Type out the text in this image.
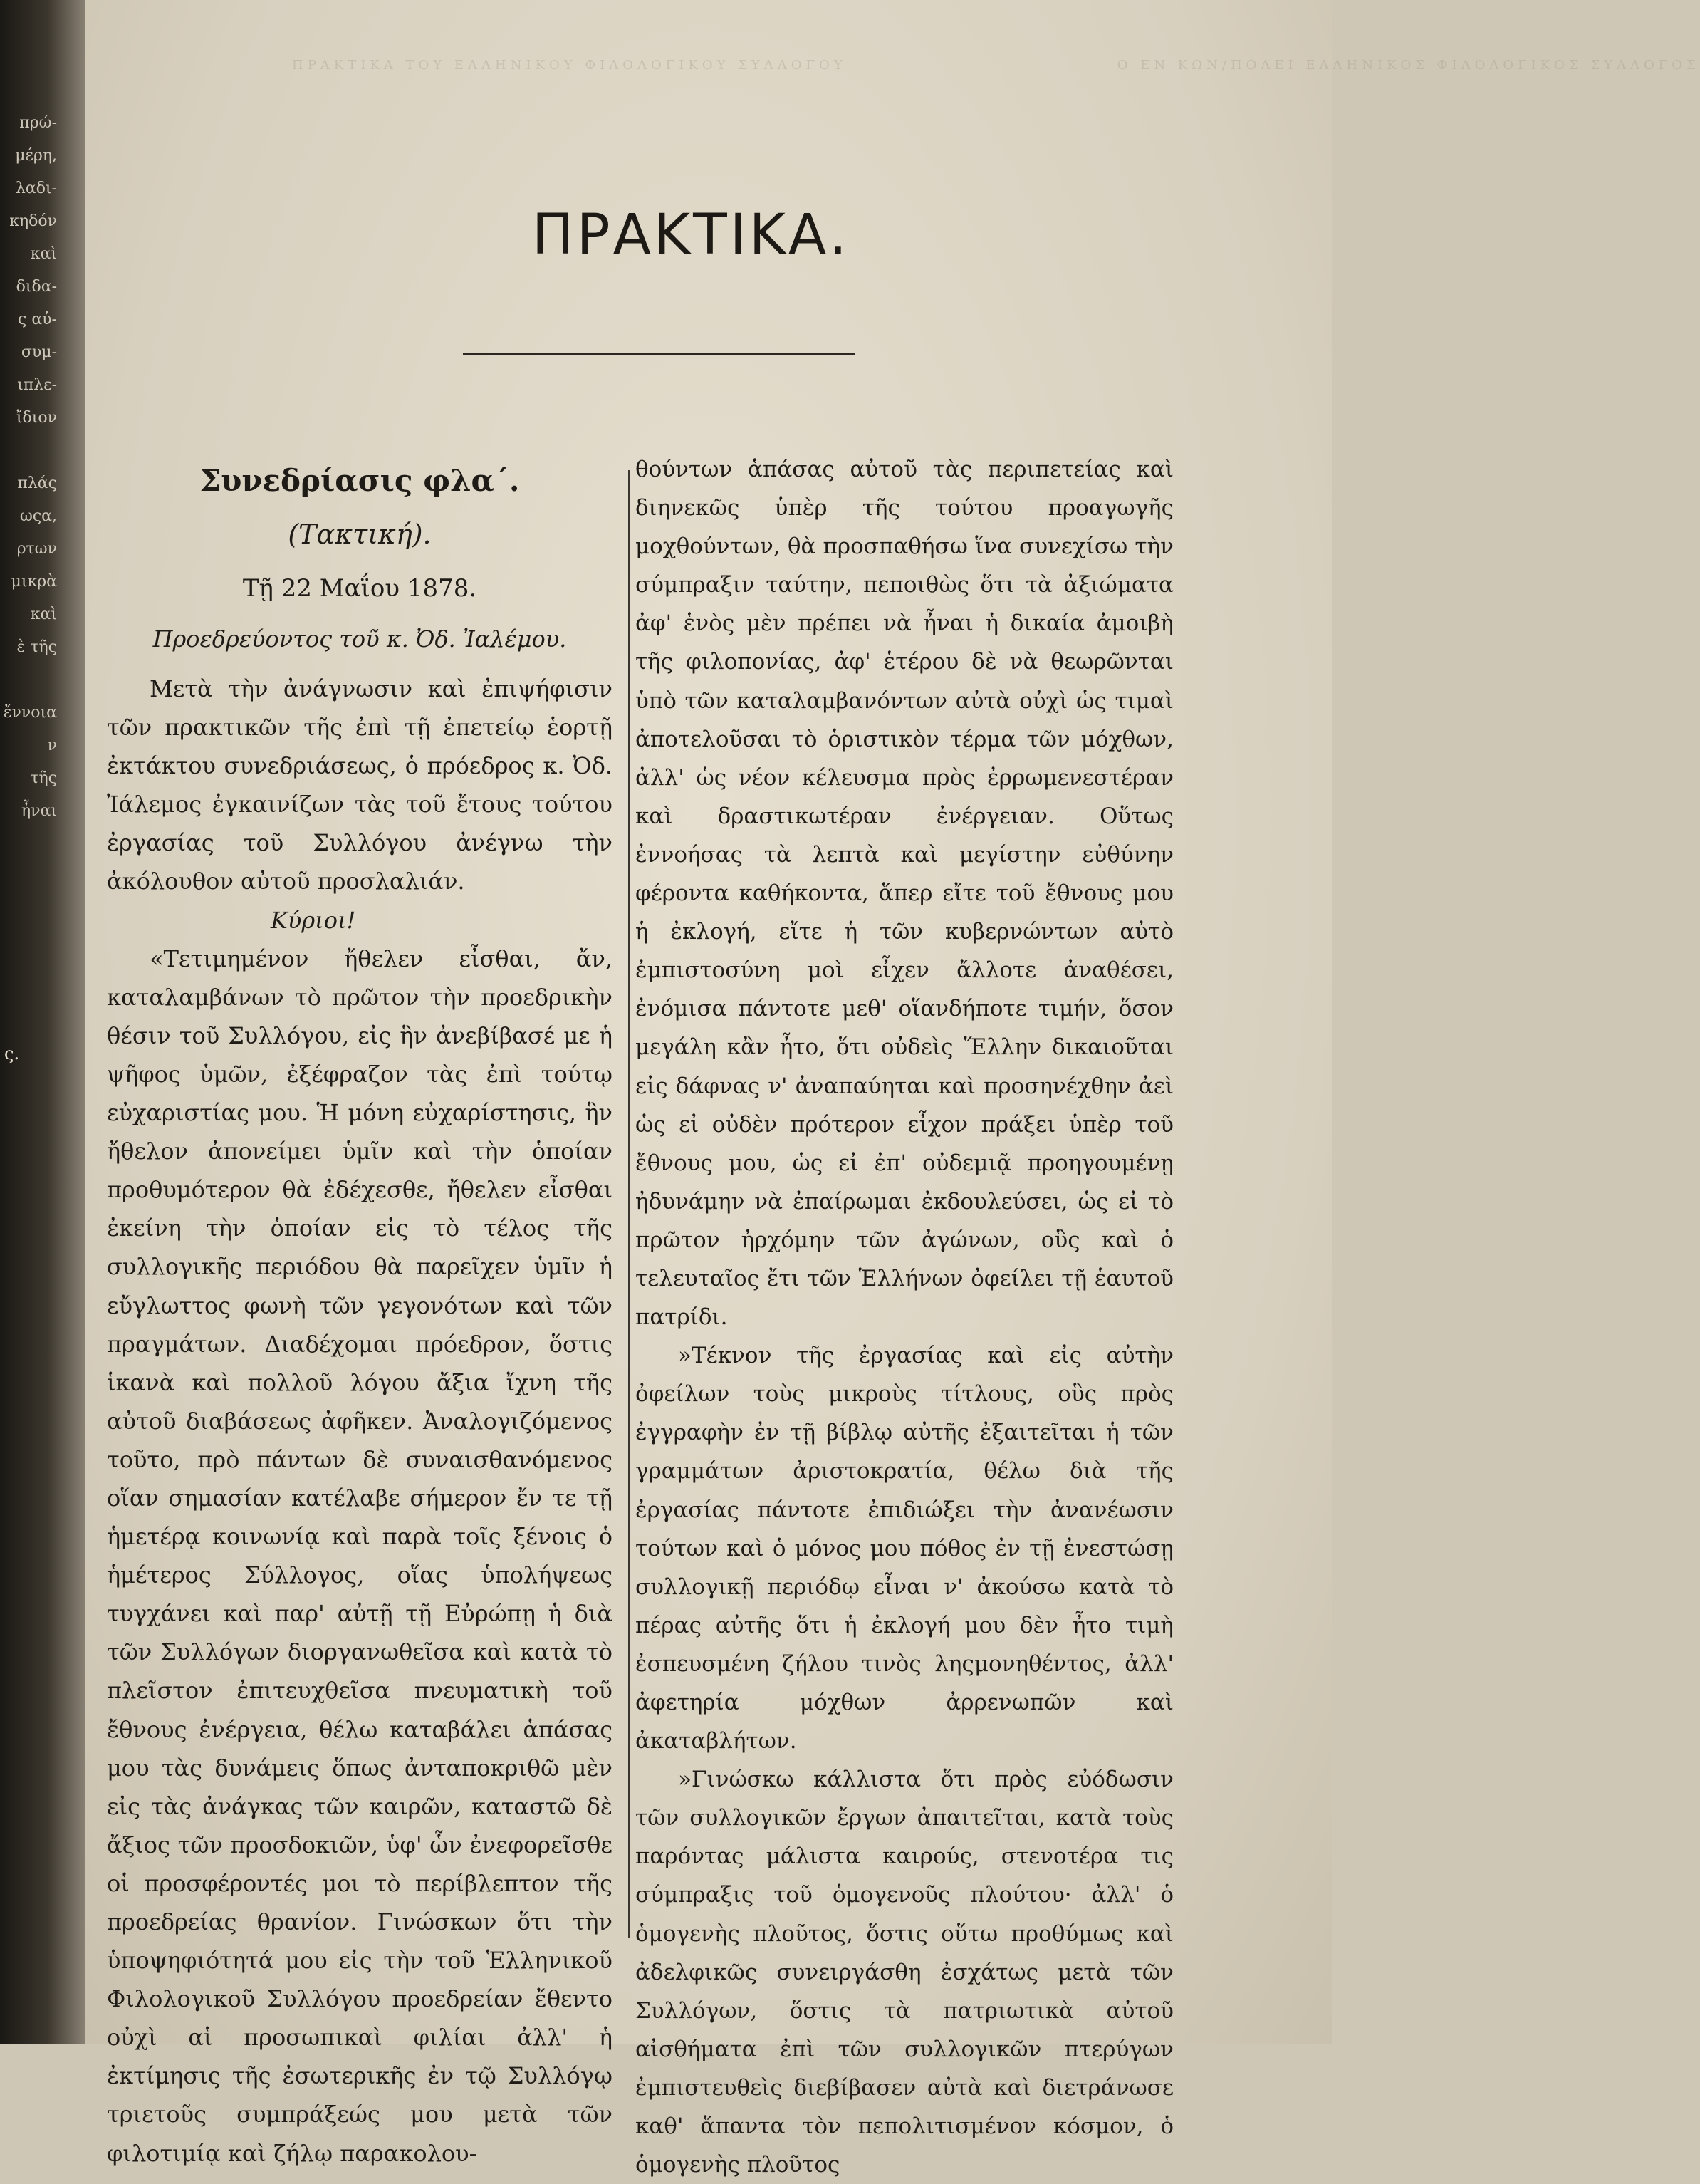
πρώ-
μέρη,
λαδι-
κηδόν
καὶ
διδα-
ς αὐ-
συμ-
ιπλε-
ἴδιον

πλάς
ωςα,
ρτων
μικρὰ
καὶ
ὲ τῆς

ἔννοια
ν
τῆς
ἦναι
ς.
ΠΡΑΚΤΙΚΑ ΤΟΥ ΕΛΛΗΝΙΚΟΥ ΦΙΛΟΛΟΓΙΚΟΥ ΣΥΛΛΟΓΟΥ	Ο ΕΝ ΚΩΝ/ΠΟΛΕΙ ΕΛΛΗΝΙΚΟΣ ΦΙΛΟΛΟΓΙΚΟΣ ΣΥΛΛΟΓΟΣ
ΠΡΑΚΤΙΚΑ.
Συνεδρίασις φλα΄.
(Τακτική).
Τῇ 22 Μαΐου 1878.
Προεδρεύοντος τοῦ κ. Ὀδ. Ἰαλέμου.

Μετὰ τὴν ἀνάγνωσιν καὶ ἐπιψήφισιν τῶν πρακτικῶν τῆς ἐπὶ τῇ ἐπετείῳ ἑορτῇ ἐκτάκτου συνεδριάσεως, ὁ πρόεδρος κ. Ὀδ. Ἰάλεμος ἐγκαινίζων τὰς τοῦ ἔτους τούτου ἐργασίας τοῦ Συλλόγου ἀνέγνω τὴν ἀκόλουθον αὐτοῦ προσλαλιάν.

Κύριοι!

«Τετιμημένον ἤθελεν εἶσθαι, ἄν, καταλαμβάνων τὸ πρῶτον τὴν προεδρικὴν θέσιν τοῦ Συλλόγου, εἰς ἣν ἀνεβίβασέ με ἡ ψῆφος ὑμῶν, ἐξέφραζον τὰς ἐπὶ τούτῳ εὐχαριστίας μου. Ἡ μόνη εὐχαρίστησις, ἣν ἤθελον ἀπονείμει ὑμῖν καὶ τὴν ὁποίαν προθυμότερον θὰ ἐδέχεσθε, ἤθελεν εἶσθαι ἐκείνη τὴν ὁποίαν εἰς τὸ τέλος τῆς συλλογικῆς περιόδου θὰ παρεῖχεν ὑμῖν ἡ εὔγλωττος φωνὴ τῶν γεγονότων καὶ τῶν πραγμάτων. Διαδέχομαι πρόεδρον, ὅστις ἱκανὰ καὶ πολλοῦ λόγου ἄξια ἴχνη τῆς αὐτοῦ διαβάσεως ἀφῆκεν. Ἀναλογιζόμενος τοῦτο, πρὸ πάντων δὲ συναισθανόμενος οἵαν σημασίαν κατέλαβε σήμερον ἔν τε τῇ ἡμετέρᾳ κοινωνίᾳ καὶ παρὰ τοῖς ξένοις ὁ ἡμέτερος Σύλλογος, οἵας ὑπολήψεως τυγχάνει καὶ παρ' αὐτῇ τῇ Εὐρώπῃ ἡ διὰ τῶν Συλλόγων διοργανωθεῖσα καὶ κατὰ τὸ πλεῖστον ἐπιτευχθεῖσα πνευματικὴ τοῦ ἔθνους ἐνέργεια, θέλω καταβάλει ἁπάσας μου τὰς δυνάμεις ὅπως ἀνταποκριθῶ μὲν εἰς τὰς ἀνάγκας τῶν καιρῶν, καταστῶ δὲ ἄξιος τῶν προσδοκιῶν, ὑφ' ὧν ἐνεφορεῖσθε οἱ προσφέροντές μοι τὸ περίβλεπτον τῆς προεδρείας θρανίον. Γινώσκων ὅτι τὴν ὑποψηφιότητά μου εἰς τὴν τοῦ Ἑλληνικοῦ Φιλολογικοῦ Συλλόγου προεδρείαν ἔθεντο οὐχὶ αἱ προσωπικαὶ φιλίαι ἀλλ' ἡ ἐκτίμησις τῆς ἐσωτερικῆς ἐν τῷ Συλλόγῳ τριετοῦς συμπράξεώς μου μετὰ τῶν φιλοτιμίᾳ καὶ ζήλῳ παρακολου-

θούντων ἁπάσας αὐτοῦ τὰς περιπετείας καὶ διηνεκῶς ὑπὲρ τῆς τούτου προαγωγῆς μοχθούντων, θὰ προσπαθήσω ἵνα συνεχίσω τὴν σύμπραξιν ταύτην, πεποιθὼς ὅτι τὰ ἀξιώματα ἀφ' ἑνὸς μὲν πρέπει νὰ ἦναι ἡ δικαία ἀμοιβὴ τῆς φιλοπονίας, ἀφ' ἑτέρου δὲ νὰ θεωρῶνται ὑπὸ τῶν καταλαμβανόντων αὐτὰ οὐχὶ ὡς τιμαὶ ἀποτελοῦσαι τὸ ὁριστικὸν τέρμα τῶν μόχθων, ἀλλ' ὡς νέον κέλευσμα πρὸς ἐρρωμενεστέραν καὶ δραστικωτέραν ἐνέργειαν. Οὕτως ἐννοήσας τὰ λεπτὰ καὶ μεγίστην εὐθύνην φέροντα καθήκοντα, ἅπερ εἴτε τοῦ ἔθνους μου ἡ ἐκλογή, εἴτε ἡ τῶν κυβερνώντων αὐτὸ ἐμπιστοσύνη μοὶ εἶχεν ἄλλοτε ἀναθέσει, ἐνόμισα πάντοτε μεθ' οἵανδήποτε τιμήν, ὅσον μεγάλη κἂν ἦτο, ὅτι οὐδεὶς Ἕλλην δικαιοῦται εἰς δάφνας ν' ἀναπαύηται καὶ προσηνέχθην ἀεὶ ὡς εἰ οὐδὲν πρότερον εἶχον πράξει ὑπὲρ τοῦ ἔθνους μου, ὡς εἰ ἐπ' οὐδεμιᾷ προηγουμένῃ ἠδυνάμην νὰ ἐπαίρωμαι ἐκδουλεύσει, ὡς εἰ τὸ πρῶτον ἠρχόμην τῶν ἀγώνων, οὓς καὶ ὁ τελευταῖος ἔτι τῶν Ἑλλήνων ὀφείλει τῇ ἑαυτοῦ πατρίδι.

»Τέκνον τῆς ἐργασίας καὶ εἰς αὐτὴν ὀφείλων τοὺς μικροὺς τίτλους, οὓς πρὸς ἐγγραφὴν ἐν τῇ βίβλῳ αὐτῆς ἐξαιτεῖται ἡ τῶν γραμμάτων ἀριστοκρατία, θέλω διὰ τῆς ἐργασίας πάντοτε ἐπιδιώξει τὴν ἀνανέωσιν τούτων καὶ ὁ μόνος μου πόθος ἐν τῇ ἐνεστώσῃ συλλογικῇ περιόδῳ εἶναι ν' ἀκούσω κατὰ τὸ πέρας αὐτῆς ὅτι ἡ ἐκλογή μου δὲν ἦτο τιμὴ ἐσπευσμένη ζήλου τινὸς ληςμονηθέντος, ἀλλ' ἀφετηρία μόχθων ἀρρενωπῶν καὶ ἀκαταβλήτων.

»Γινώσκω κάλλιστα ὅτι πρὸς εὐόδωσιν τῶν συλλογικῶν ἔργων ἀπαιτεῖται, κατὰ τοὺς παρόντας μάλιστα καιρούς, στενοτέρα τις σύμπραξις τοῦ ὁμογενοῦς πλούτου· ἀλλ' ὁ ὁμογενὴς πλοῦτος, ὅστις οὕτω προθύμως καὶ ἀδελφικῶς συνειργάσθη ἐσχάτως μετὰ τῶν Συλλόγων, ὅστις τὰ πατριωτικὰ αὐτοῦ αἰσθήματα ἐπὶ τῶν συλλογικῶν πτερύγων ἐμπιστευθεὶς διεβίβασεν αὐτὰ καὶ διετράνωσε καθ' ἅπαντα τὸν πεπολιτισμένον κόσμον, ὁ ὁμογενὴς πλοῦτος
